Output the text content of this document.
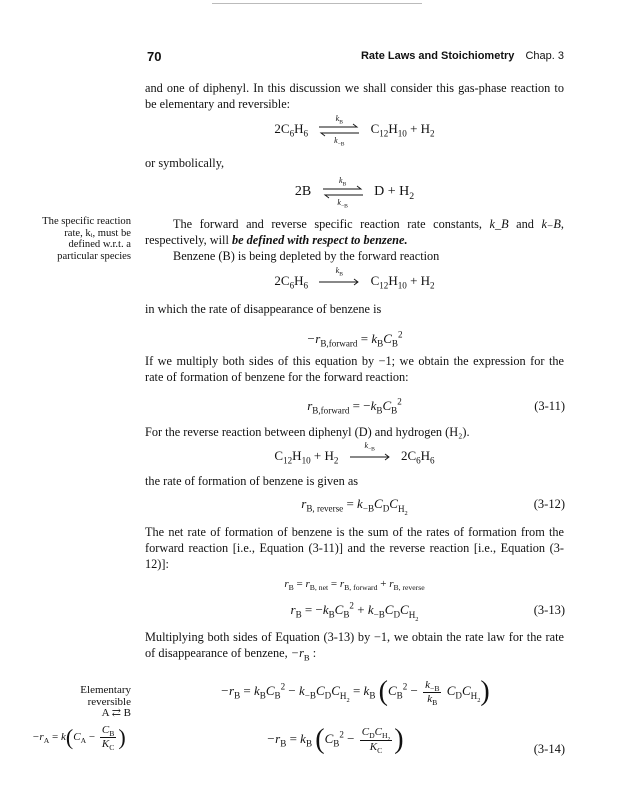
70	Rate Laws and Stoichiometry Chap. 3
and one of diphenyl. In this discussion we shall consider this gas-phase reaction to be elementary and reversible:
$2C_6H_6$
$k_B$
$k_{-B}$
$C_{12}H_{10} + H_2$
or symbolically,
2B
$k_B$
$k_{-B}$
$D + H_2$
The specific reaction rate, kᵢ, must be defined w.r.t. a particular species
The forward and reverse specific reaction rate constants, k_B and k₋B, respectively, will be defined with respect to benzene.
Benzene (B) is being depleted by the forward reaction
$2C_6H_6$
$k_B$	$C_{12}H_{10} + H_2$
in which the rate of disappearance of benzene is
$-r_{B,forward} = k_BC_B^2$
If we multiply both sides of this equation by −1; we obtain the expression for the rate of formation of benzene for the forward reaction:
$r_{B,forward} = -k_BC_B^2$	(3-11)
For the reverse reaction between diphenyl (D) and hydrogen (H₂).
$C_{12}H_{10} + H_2$
$k_{-B}$	$2C_6H_6$
the rate of formation of benzene is given as
$r_{B, reverse} = k_{-B}C_DC_{H_2}$
(3-12)
The net rate of formation of benzene is the sum of the rates of formation from the forward reaction [i.e., Equation (3-11)] and the reverse reaction [i.e., Equation (3-12)]:
$r_B = r_{B, net} = r_{B, forward} + r_{B, reverse}$
$r_B = -k_BC_B^2 + k_{-B}C_DC_{H_2}$
(3-13)
Multiplying both sides of Equation (3-13) by −1, we obtain the rate law for the rate of disappearance of benzene, $-r_B$ :
Elementary
reversible
A ⇄ B
$-r_A = k(C_A - \frac{C_B}{K_C}$ )
$-r_B = k_BC_B^2 - k_{-B}C_DC_{H_2} = k_B$ $(C_B^2 - \frac{k_{-B}}{k_B} C_DC_{H_2})$
$-r_B = k_B$ ($C_B^2 - \frac{C_DC_{H_2}}{K_C}$ )	(3-14)
